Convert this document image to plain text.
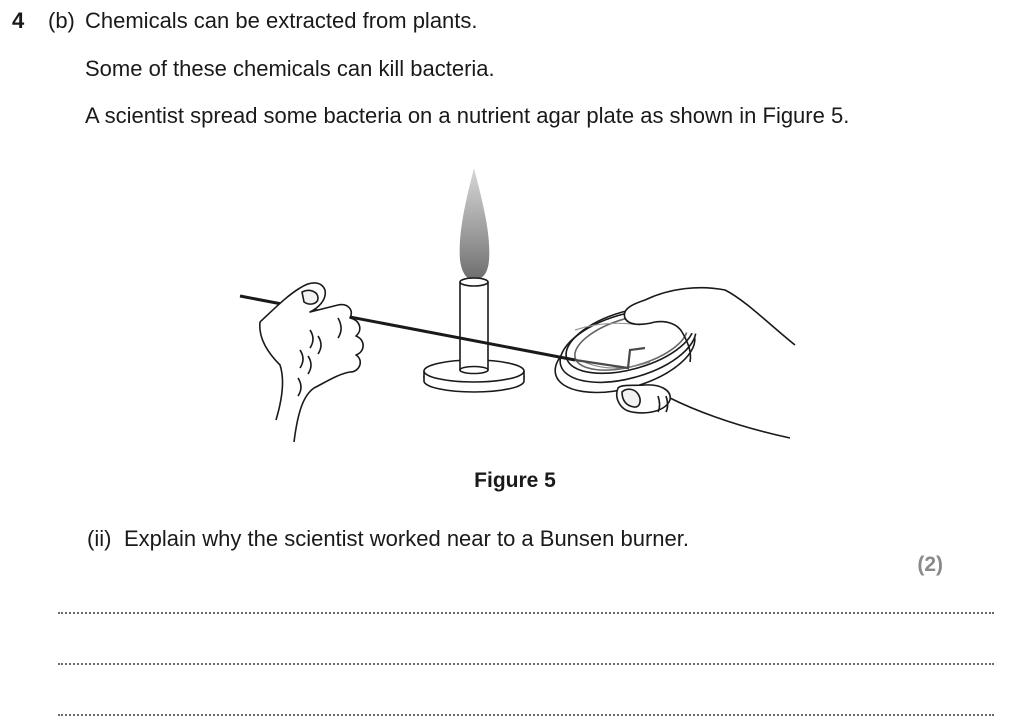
4 (b) Chemicals can be extracted from plants.
Some of these chemicals can kill bacteria.
A scientist spread some bacteria on a nutrient agar plate as shown in Figure 5.
Figure 5
(ii) Explain why the scientist worked near to a Bunsen burner.
(2)
